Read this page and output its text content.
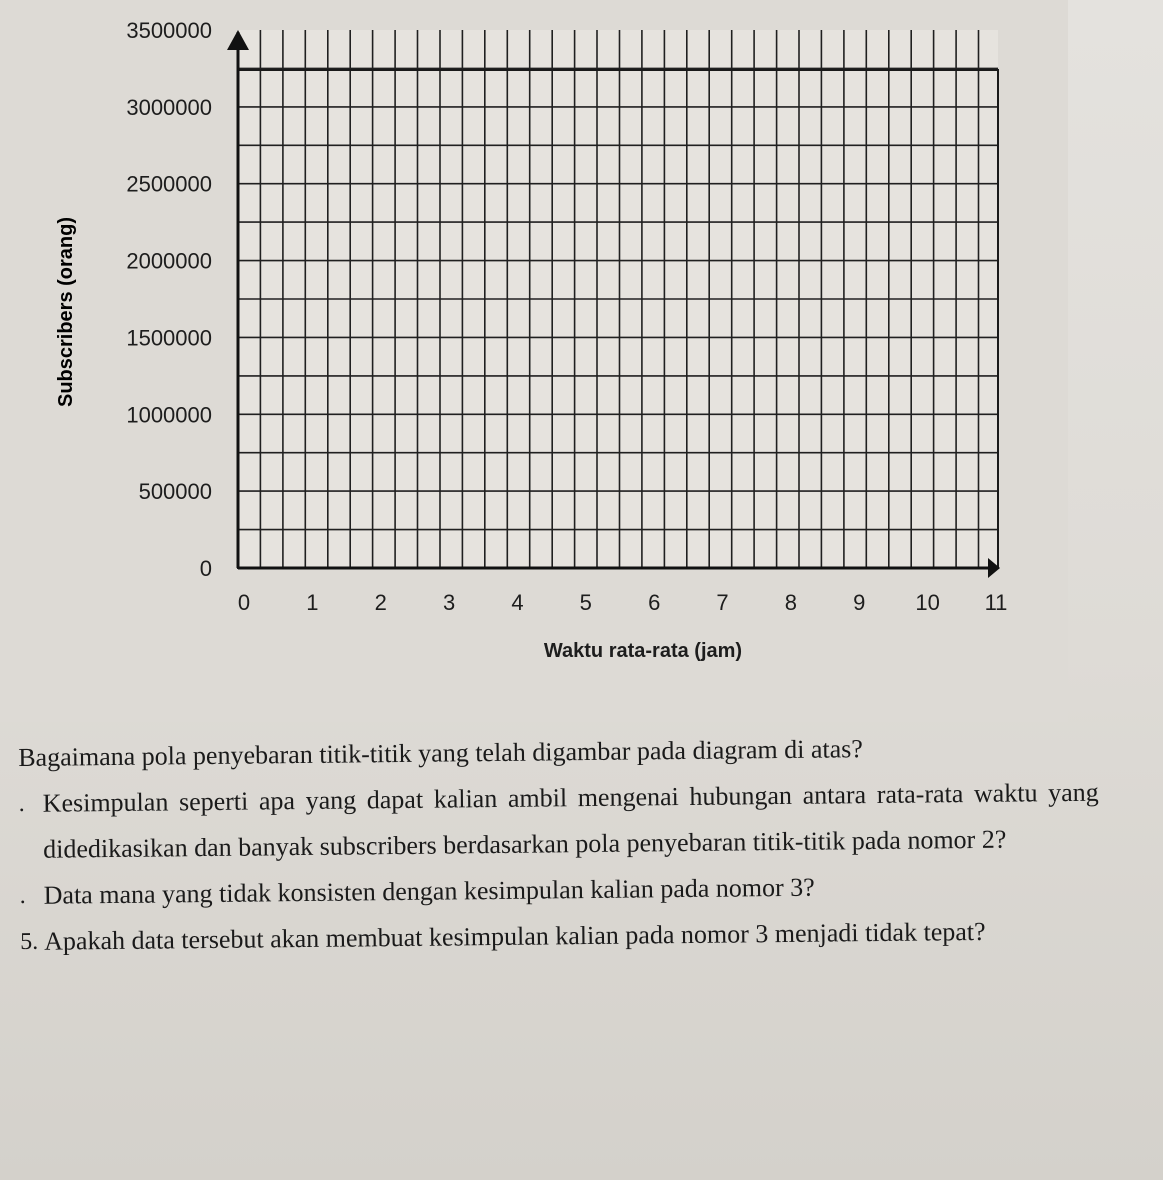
0
500000
1000000
1500000
2000000
2500000
3000000
3500000
0	1	2	3	4	5	6	7	8	9 10 11
Subscribers (orang)
Waktu rata-rata (jam)
Bagaimana pola penyebaran titik-titik yang telah digambar pada diagram di atas?
. Kesimpulan seperti apa yang dapat kalian ambil mengenai hubungan antara rata-rata waktu yang didedikasikan dan banyak subscribers berdasarkan pola penyebaran titik-titik pada nomor 2?
. Data mana yang tidak konsisten dengan kesimpulan kalian pada nomor 3?
5. Apakah data tersebut akan membuat kesimpulan kalian pada nomor 3 menjadi tidak tepat?
